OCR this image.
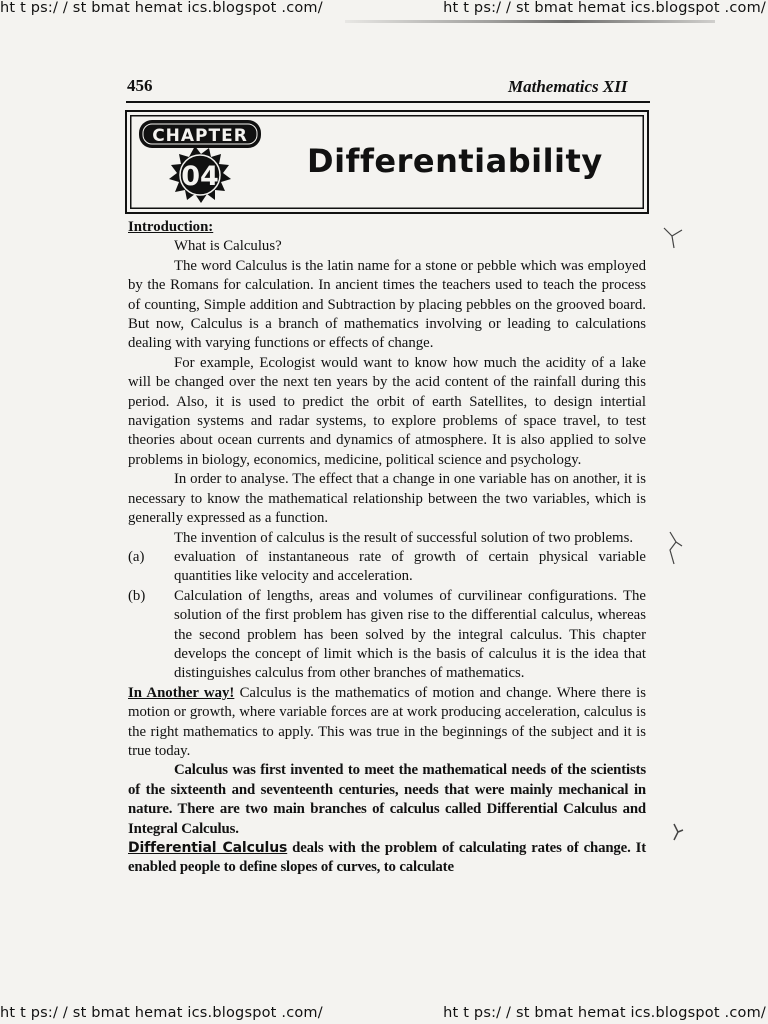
ht t ps:/ / st bmat hemat ics.blogspot .com/	ht t ps:/ / st bmat hemat ics.blogspot .com/
ht t ps:/ / st bmat hemat ics.blogspot .com/	ht t ps:/ / st bmat hemat ics.blogspot .com/
456	Mathematics XII
CHAPTER
04	Differentiability

Introduction:

What is Calculus?

The word Calculus is the latin name for a stone or pebble which was employed by the Romans for calculation. In ancient times the teachers used to teach the process of counting, Simple addition and Subtraction by placing pebbles on the grooved board. But now, Calculus is a branch of mathematics involving or leading to calculations dealing with varying functions or effects of change.

For example, Ecologist would want to know how much the acidity of a lake will be changed over the next ten years by the acid content of the rainfall during this period. Also, it is used to predict the orbit of earth Satellites, to design intertial navigation systems and radar systems, to explore problems of space travel, to test theories about ocean currents and dynamics of atmosphere. It is also applied to solve problems in biology, economics, medicine, political science and psychology.

In order to analyse. The effect that a change in one variable has on another, it is necessary to know the mathematical relationship between the two variables, which is generally expressed as a function.

The invention of calculus is the result of successful solution of two problems.

(a)	evaluation of instantaneous rate of growth of certain physical variable quantities like velocity and acceleration.
(b)	Calculation of lengths, areas and volumes of curvilinear configurations. The solution of the first problem has given rise to the differential calculus, whereas the second problem has been solved by the integral calculus. This chapter develops the concept of limit which is the basis of calculus it is the idea that distinguishes calculus from other branches of mathematics.

In Another way! Calculus is the mathematics of motion and change. Where there is motion or growth, where variable forces are at work producing acceleration, calculus is the right mathematics to apply. This was true in the beginnings of the subject and it is true today.

Calculus was first invented to meet the mathematical needs of the scientists of the sixteenth and seventeenth centuries, needs that were mainly mechanical in nature. There are two main branches of calculus called Differential Calculus and Integral Calculus.

Differential Calculus deals with the problem of calculating rates of change. It enabled people to define slopes of curves, to calculate
